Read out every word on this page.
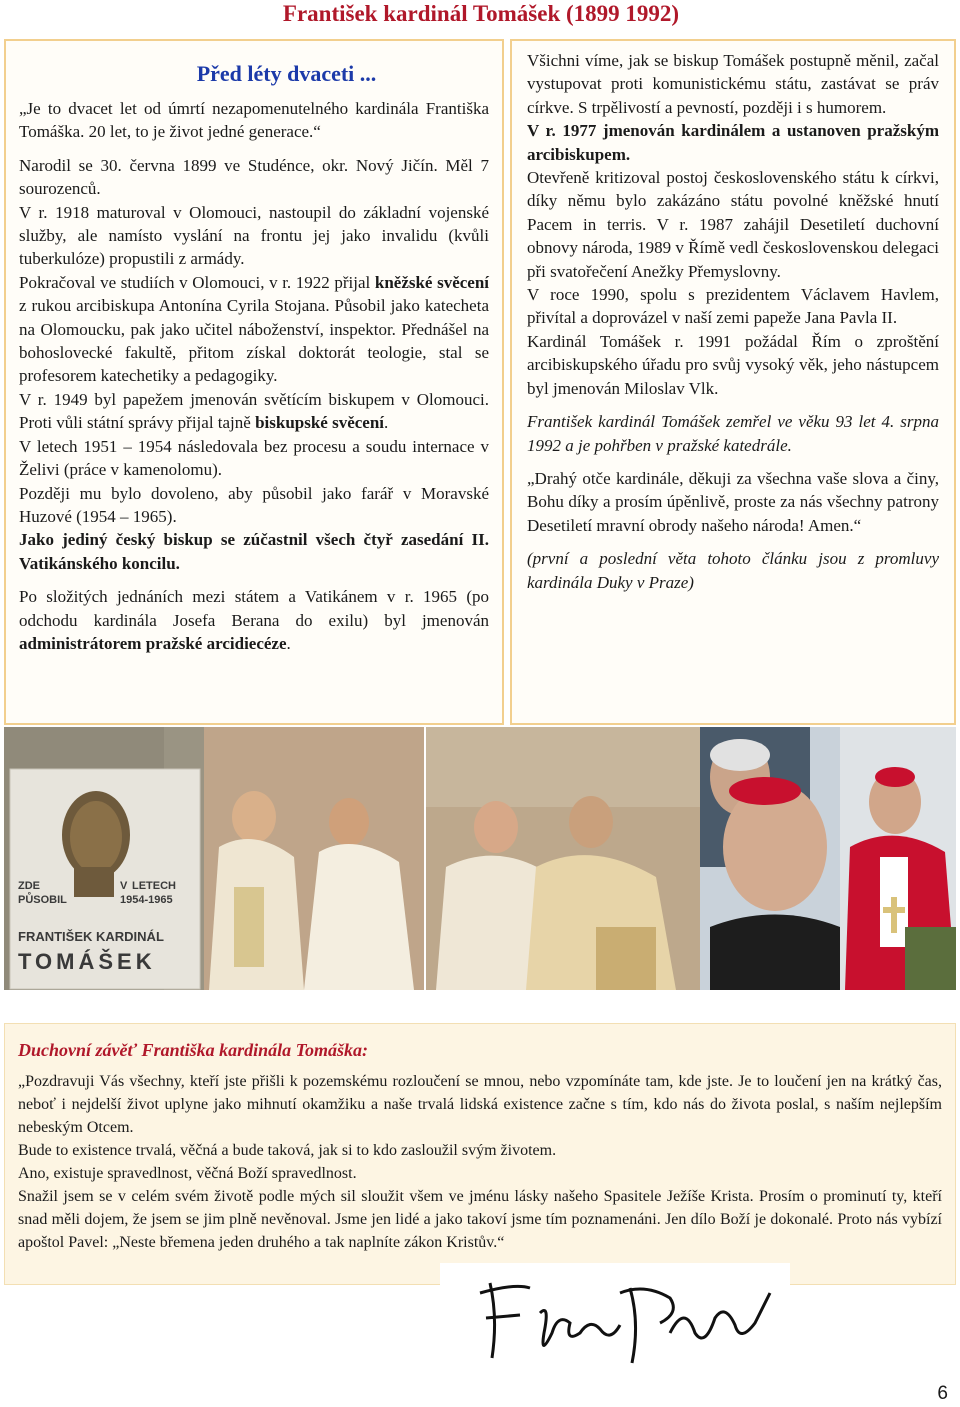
František kardinál Tomášek (1899 1992)
Před léty dvaceti ...

„Je to dvacet let od úmrtí nezapomenutelného kardinála Františka Tomáška. 20 let, to je život jedné generace.“

Narodil se 30. června 1899 ve Studénce, okr. Nový Jičín. Měl 7 sourozenců.

V r. 1918 maturoval v Olomouci, nastoupil do základní vojenské služby, ale namísto vyslání na frontu jej jako invalidu (kvůli tuberkulóze) propustili z armády.

Pokračoval ve studiích v Olomouci, v r. 1922 přijal kněžské svěcení z rukou arcibiskupa Antonína Cyrila Stojana. Působil jako katecheta na Olomoucku, pak jako učitel náboženství, inspektor. Přednášel na bohoslovecké fakultě, přitom získal doktorát teologie, stal se profesorem katechetiky a pedagogiky.

V r. 1949 byl papežem jmenován světícím biskupem v Olomouci. Proti vůli státní správy přijal tajně biskupské svěcení.

V letech 1951 – 1954 následovala bez procesu a soudu internace v Želivi (práce v kamenolomu).

Později mu bylo dovoleno, aby působil jako farář v Moravské Huzové (1954 – 1965).

Jako jediný český biskup se zúčastnil všech čtyř zasedání II. Vatikánského koncilu.

Po složitých jednáních mezi státem a Vatikánem v r. 1965 (po odchodu kardinála Josefa Berana do exilu) byl jmenován administrátorem pražské arcidiecéze.

Všichni víme, jak se biskup Tomášek postupně měnil, začal vystupovat proti komunistickému státu, zastávat se práv církve. S trpělivostí a pevností, později i s humorem.

V r. 1977 jmenován kardinálem a ustanoven pražským arcibiskupem.

Otevřeně kritizoval postoj československého státu k církvi, díky němu bylo zakázáno státu povolné kněžské hnutí Pacem in terris. V r. 1987 zahájil Desetiletí duchovní obnovy národa, 1989 v Římě vedl československou delegaci při svatořečení Anežky Přemyslovny.

V roce 1990, spolu s prezidentem Václavem Havlem, přivítal a doprovázel v naší zemi papeže Jana Pavla II.

Kardinál Tomášek r. 1991 požádal Řím o zproštění arcibiskupského úřadu pro svůj vysoký věk, jeho nástupcem byl jmenován Miloslav Vlk.

František kardinál Tomášek zemřel ve věku 93 let 4. srpna 1992 a je pohřben v pražské katedrále.

„Drahý otče kardinále, děkuji za všechna vaše slova a činy, Bohu díky a prosím úpěnlivě, proste za nás všechny patrony Desetiletí mravní obrody našeho národa! Amen.“

(první a poslední věta tohoto článku jsou z promluvy kardinála Duky v Praze)

ZDE
PŮSOBIL
V LETECH
1954-1965
FRANTIŠEK KARDINÁL
TOMÁŠEK
Duchovní závěť Františka kardinála Tomáška:

„Pozdravuji Vás všechny, kteří jste přišli k pozemskému rozloučení se mnou, nebo vzpomínáte tam, kde jste. Je to loučení jen na krátký čas, neboť i nejdelší život uplyne jako mihnutí okamžiku a naše trvalá lidská existence začne s tím, kdo nás do života poslal, s naším nejlepším nebeským Otcem.

Bude to existence trvalá, věčná a bude taková, jak si to kdo zasloužil svým životem.

Ano, existuje spravedlnost, věčná Boží spravedlnost.

Snažil jsem se v celém svém životě podle mých sil sloužit všem ve jménu lásky našeho Spasitele Ježíše Krista. Prosím o prominutí ty, kteří snad měli dojem, že jsem se jim plně nevěnoval. Jsme jen lidé a jako takoví jsme tím poznamenáni. Jen dílo Boží je dokonalé. Proto nás vybízí apoštol Pavel: „Neste břemena jeden druhého a tak naplníte zákon Kristův.“

6
